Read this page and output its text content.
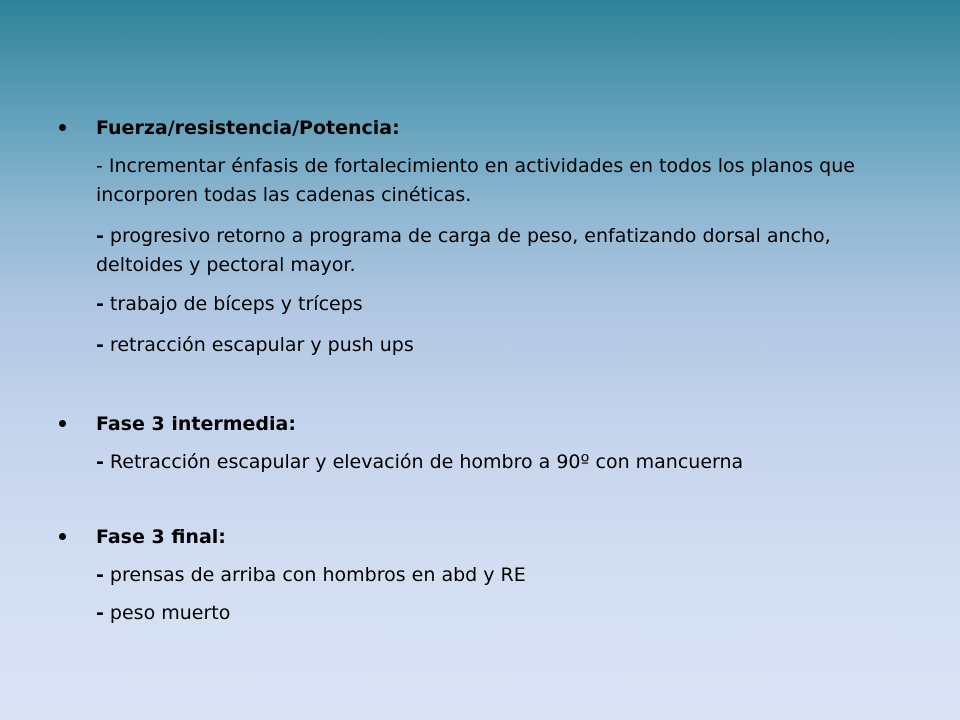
Fuerza/resistencia/Potencia:
- Incrementar énfasis de fortalecimiento en actividades en todos los planos que incorporen todas las cadenas cinéticas.
- progresivo retorno a programa de carga de peso, enfatizando dorsal ancho, deltoides y pectoral mayor.
- trabajo de bíceps y tríceps
- retracción escapular y push ups
Fase 3 intermedia:
- Retracción escapular y elevación de hombro a 90º con mancuerna
Fase 3 final:
- prensas de arriba con hombros en abd y RE
- peso muerto
